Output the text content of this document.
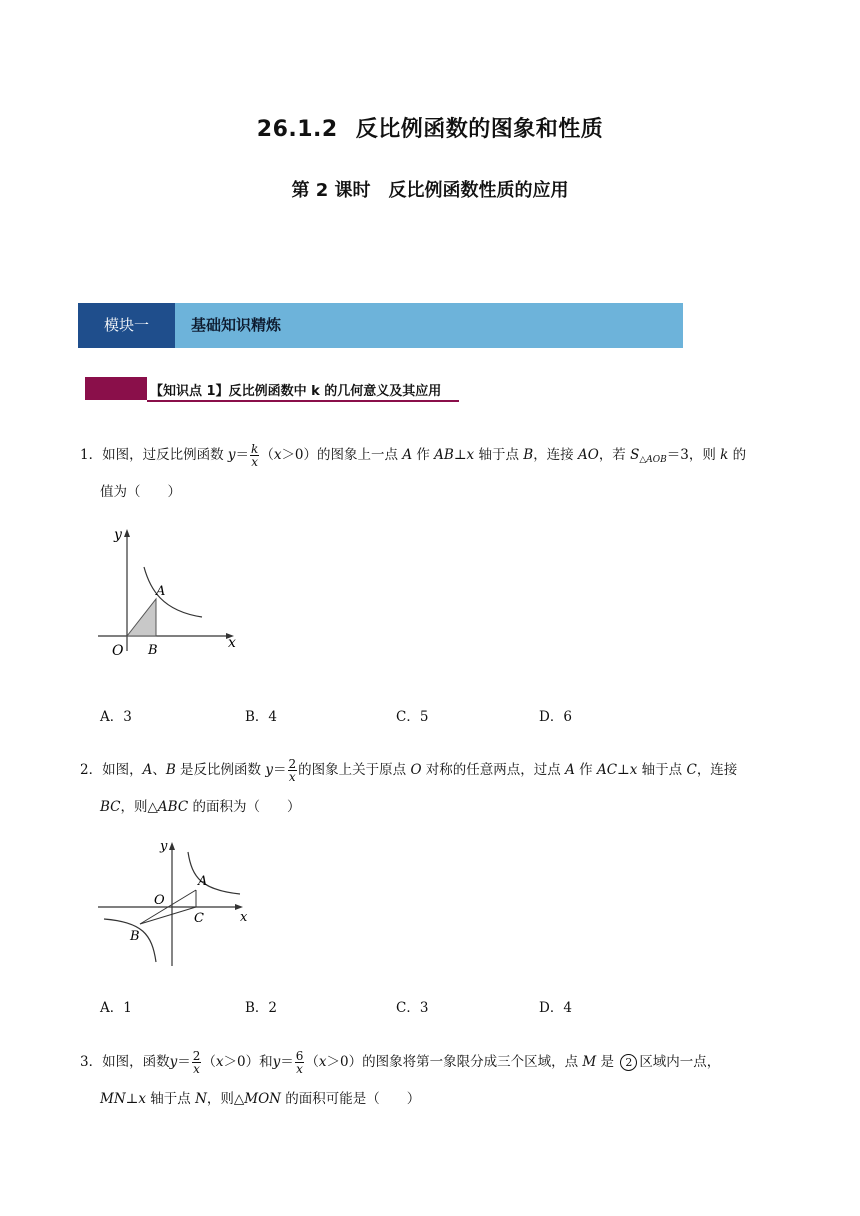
26.1.2 反比例函数的图象和性质
第 2 课时 反比例函数性质的应用
模块一	基础知识精炼
【知识点 1】反比例函数中 k 的几何意义及其应用
1．如图，过反比例函数 $y= \frac{k}{x} (x>0)$的图象上一点 A 作 AB⊥x 轴于点 B，连接 AO，若 $S_{\triangle AOB}=3$，则 k 的
值为（　　）
y
x
O
A
B
A．3	B．4	C．5	D．6
2．如图，A、B 是反比例函数 $y= \frac{2}{x}$ 的图象上关于原点 O 对称的任意两点，过点 A 作 AC⊥x 轴于点 C，连接
BC，则△ABC 的面积为（　　）
y
x
O
A
B
C
A．1	B．2	C．3	D．4
3．如图，函数$y= \frac{2}{x} (x>0)$和$y= \frac{6}{x} (x>0)$的图象将第一象限分成三个区域，点 M 是 2 区域内一点，
MN⊥x 轴于点 N，则△MON 的面积可能是（　　）
